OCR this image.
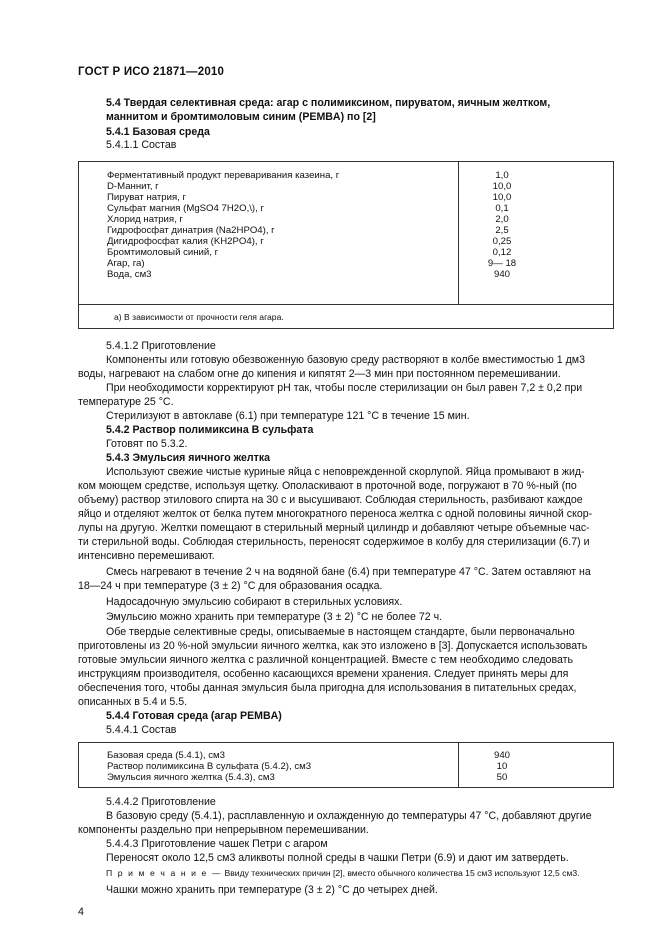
ГОСТ Р ИСО 21871—2010
5.4 Твердая селективная среда: агар с полимиксином, пируватом, яичным желтком,
маннитом и бромтимоловым синим (PEMBA) по [2]
5.4.1 Базовая среда
5.4.1.1 Состав
Ферментативный продукт переваривания казеина, г	1,0
D-Маннит, г	10,0
Пируват натрия, г	10,0
Сульфат магния (MgSO4 7H2O,\), г	0,1
Хлорид натрия, г	2,0
Гидрофосфат динатрия (Na2HPO4), г	2,5
Дигидрофосфат калия (KH2PO4), г	0,25
Бромтимоловый синий, г	0,12
Агар, га)	9— 18
Вода, см3	940
а) В зависимости от прочности геля агара.
5.4.1.2 Приготовление
Компоненты или готовую обезвоженную базовую среду растворяют в колбе вместимостью 1 дм3
воды, нагревают на слабом огне до кипения и кипятят 2—3 мин при постоянном перемешивании.
При необходимости корректируют рН так, чтобы после стерилизации он был равен 7,2 ± 0,2 при
температуре 25 °С.
Стерилизуют в автоклаве (6.1) при температуре 121 °С в течение 15 мин.
5.4.2 Раствор полимиксина В сульфата
Готовят по 5.3.2.
5.4.3 Эмульсия яичного желтка
Используют свежие чистые куриные яйца с неповрежденной скорлупой. Яйца промывают в жид-
ком моющем средстве, используя щетку. Ополаскивают в проточной воде, погружают в 70 %-ный (по
объему) раствор этилового спирта на 30 с и высушивают. Соблюдая стерильность, разбивают каждое
яйцо и отделяют желток от белка путем многократного переноса желтка с одной половины яичной скор-
лупы на другую. Желтки помещают в стерильный мерный цилиндр и добавляют четыре объемные час-
ти стерильной воды. Соблюдая стерильность, переносят содержимое в колбу для стерилизации (6.7) и
интенсивно перемешивают.
Смесь нагревают в течение 2 ч на водяной бане (6.4) при температуре 47 °С. Затем оставляют на
18—24 ч при температуре (3 ± 2) °С для образования осадка.
Надосадочную эмульсию собирают в стерильных условиях.
Эмульсию можно хранить при температуре (3 ± 2) °С не более 72 ч.
Обе твердые селективные среды, описываемые в настоящем стандарте, были первоначально
приготовлены из 20 %-ной эмульсии яичного желтка, как это изложено в [3]. Допускается использовать
готовые эмульсии яичного желтка с различной концентрацией. Вместе с тем необходимо следовать
инструкциям производителя, особенно касающихся времени хранения. Следует принять меры для
обеспечения того, чтобы данная эмульсия была пригодна для использования в питательных средах,
описанных в 5.4 и 5.5.
5.4.4 Готовая среда (агар PEMBA)
5.4.4.1 Состав
Базовая среда (5.4.1), см3	940
Раствор полимиксина В сульфата (5.4.2), см3	10
Эмульсия яичного желтка (5.4.3), см3	50
5.4.4.2 Приготовление
В базовую среду (5.4.1), расплавленную и охлажденную до температуры 47 °С, добавляют другие
компоненты раздельно при непрерывном перемешивании.
4
5.4.4.3 Приготовление чашек Петри с агаром
Переносят около 12,5 см3 аликвоты полной среды в чашки Петри (6.9) и дают им затвердеть.
П р и м е ч а н и е — Ввиду технических причин [2], вместо обычного количества 15 см3 используют 12,5 см3.
Чашки можно хранить при температуре (3 ± 2) °С до четырех дней.
